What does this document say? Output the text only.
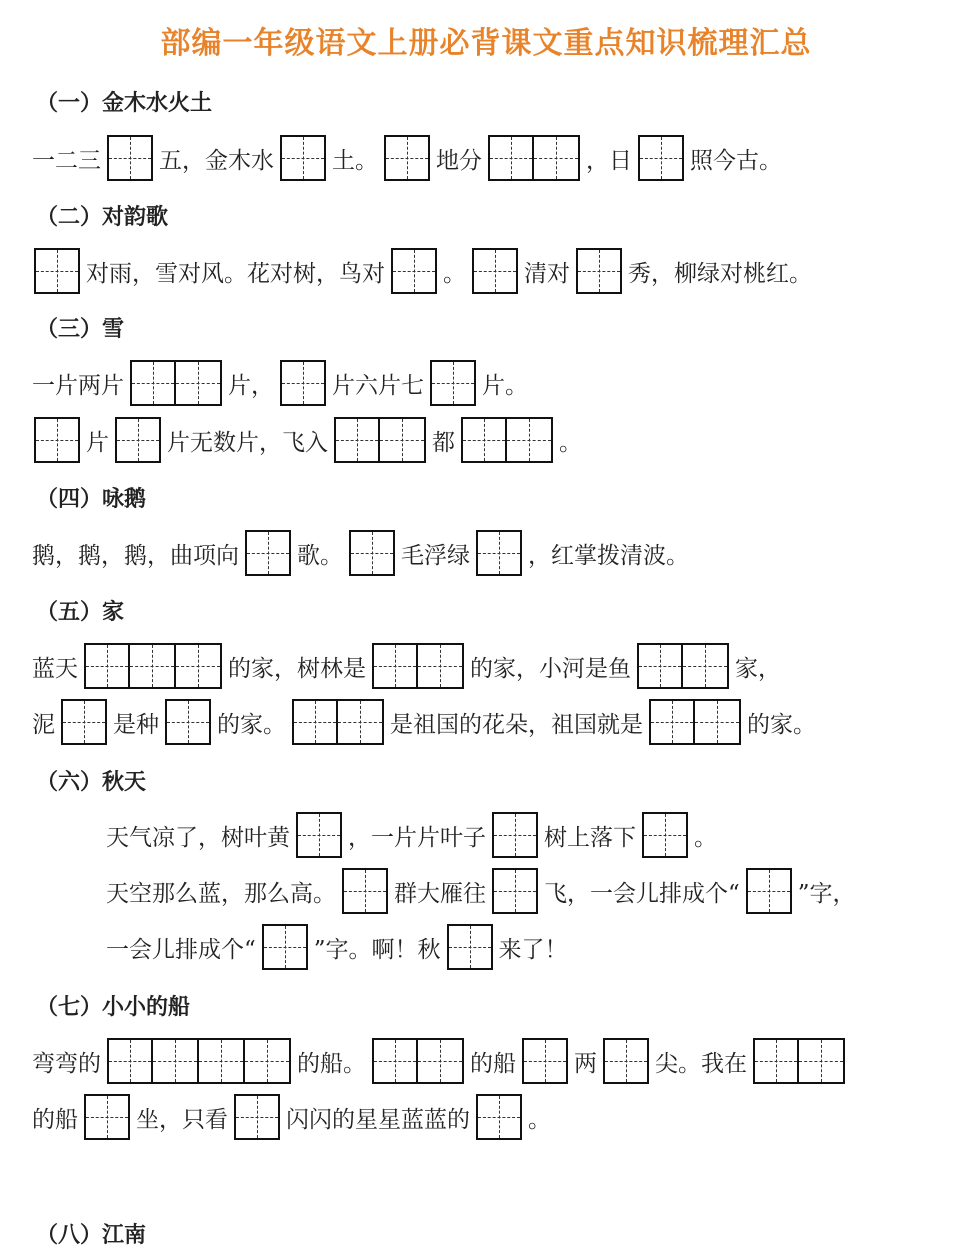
部编一年级语文上册必背课文重点知识梳理汇总
（一）金木水火土
一二三	五，金木水	土。	地分	，日	照今古。
（二）对韵歌
对雨，雪对风。花对树，鸟对	。	清对	秀，柳绿对桃红。
（三）雪
一片两片	片，	片六片七	片。
片	片无数片，飞入	都	。
（四）咏鹅
鹅，鹅，鹅，曲项向	歌。	毛浮绿	，红掌拨清波。
（五）家
蓝天	的家，树林是	的家，小河是鱼	家，
泥	是种	的家。	是祖国的花朵，祖国就是	的家。
（六）秋天
天气凉了，树叶黄	，一片片叶子	树上落下	。
天空那么蓝，那么高。	群大雁往	飞，一会儿排成个“	”字，
一会儿排成个“	”字。啊！秋	来了！
（七）小小的船
弯弯的	的船。	的船	两	尖。我在
的船	坐，只看	闪闪的星星蓝蓝的	。
（八）江南
